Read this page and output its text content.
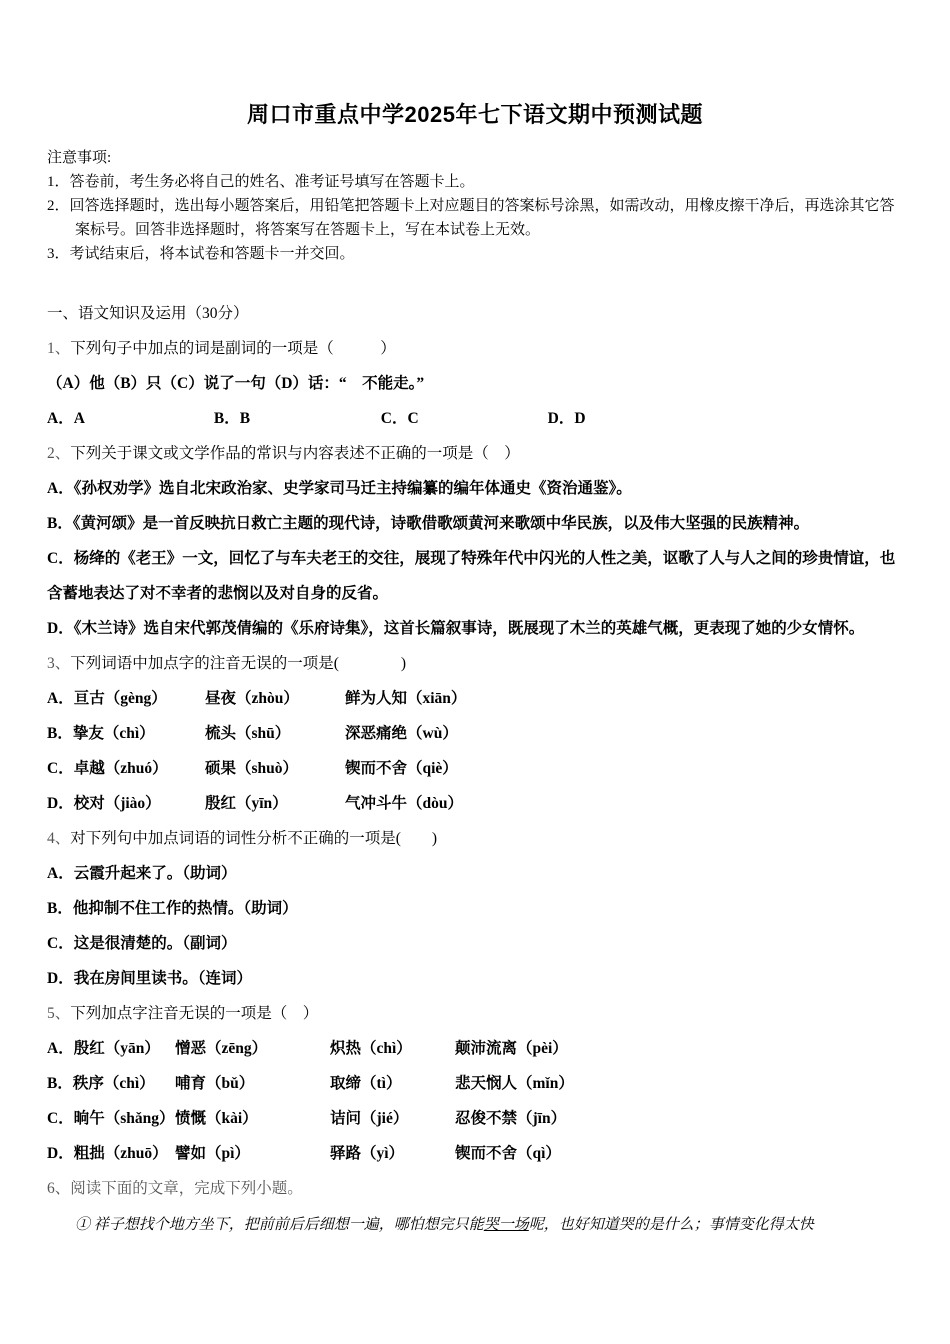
周口市重点中学2025年七下语文期中预测试题
注意事项:
1．答卷前，考生务必将自己的姓名、准考证号填写在答题卡上。
2．回答选择题时，选出每小题答案后，用铅笔把答题卡上对应题目的答案标号涂黑，如需改动，用橡皮擦干净后，再选涂其它答案标号。回答非选择题时，将答案写在答题卡上，写在本试卷上无效。
3．考试结束后，将本试卷和答题卡一并交回。
一、语文知识及运用（30分）
1、下列句子中加点的词是副词的一项是（　　　）
（A）他（B）只（C）说了一句（D）话：“　不能走。”
A．A	B．B	C．C	D．D
2、下列关于课文或文学作品的常识与内容表述不正确的一项是（　）
A．《孙权劝学》选自北宋政治家、史学家司马迁主持编纂的编年体通史《资治通鉴》。
B．《黄河颂》是一首反映抗日救亡主题的现代诗，诗歌借歌颂黄河来歌颂中华民族，以及伟大坚强的民族精神。
C．杨绛的《老王》一文，回忆了与车夫老王的交往，展现了特殊年代中闪光的人性之美，讴歌了人与人之间的珍贵情谊，也含蓄地表达了对不幸者的悲悯以及对自身的反省。
D．《木兰诗》选自宋代郭茂倩编的《乐府诗集》，这首长篇叙事诗，既展现了木兰的英雄气概，更表现了她的少女情怀。
3、下列词语中加点字的注音无误的一项是(　　　　)
A．亘古（gèng） 昼夜（zhòu）	鲜为人知（xiān）
B．挚友（chì）	梳头（shū）	深恶痛绝（wù）
C．卓越（zhuó） 硕果（shuò）	锲而不舍（qiè）
D．校对（jiào）	殷红（yīn）	气冲斗牛（dòu）
4、对下列句中加点词语的词性分析不正确的一项是(　　)
A．云霞升起来了。（助词）
B．他抑制不住工作的热情。（助词）
C．这是很清楚的。（副词）
D．我在房间里读书。（连词）
5、下列加点字注音无误的一项是（　）
A．殷红（yān） 憎恶（zēng）	炽热（chì）	颠沛流离（pèi）
B．秩序（chì） 哺育（bǔ）	取缔（tì）	悲天悯人（mǐn）
C．晌午（shǎng）愤慨（kài）	诘问（jié）	忍俊不禁（jīn）
D．粗拙（zhuō） 譬如（pì）	驿路（yì）	锲而不舍（qì）
6、阅读下面的文章，完成下列小题。
① 祥子想找个地方坐下，把前前后后细想一遍，哪怕想完只能哭一场呢，也好知道哭的是什么；事情变化得太快
